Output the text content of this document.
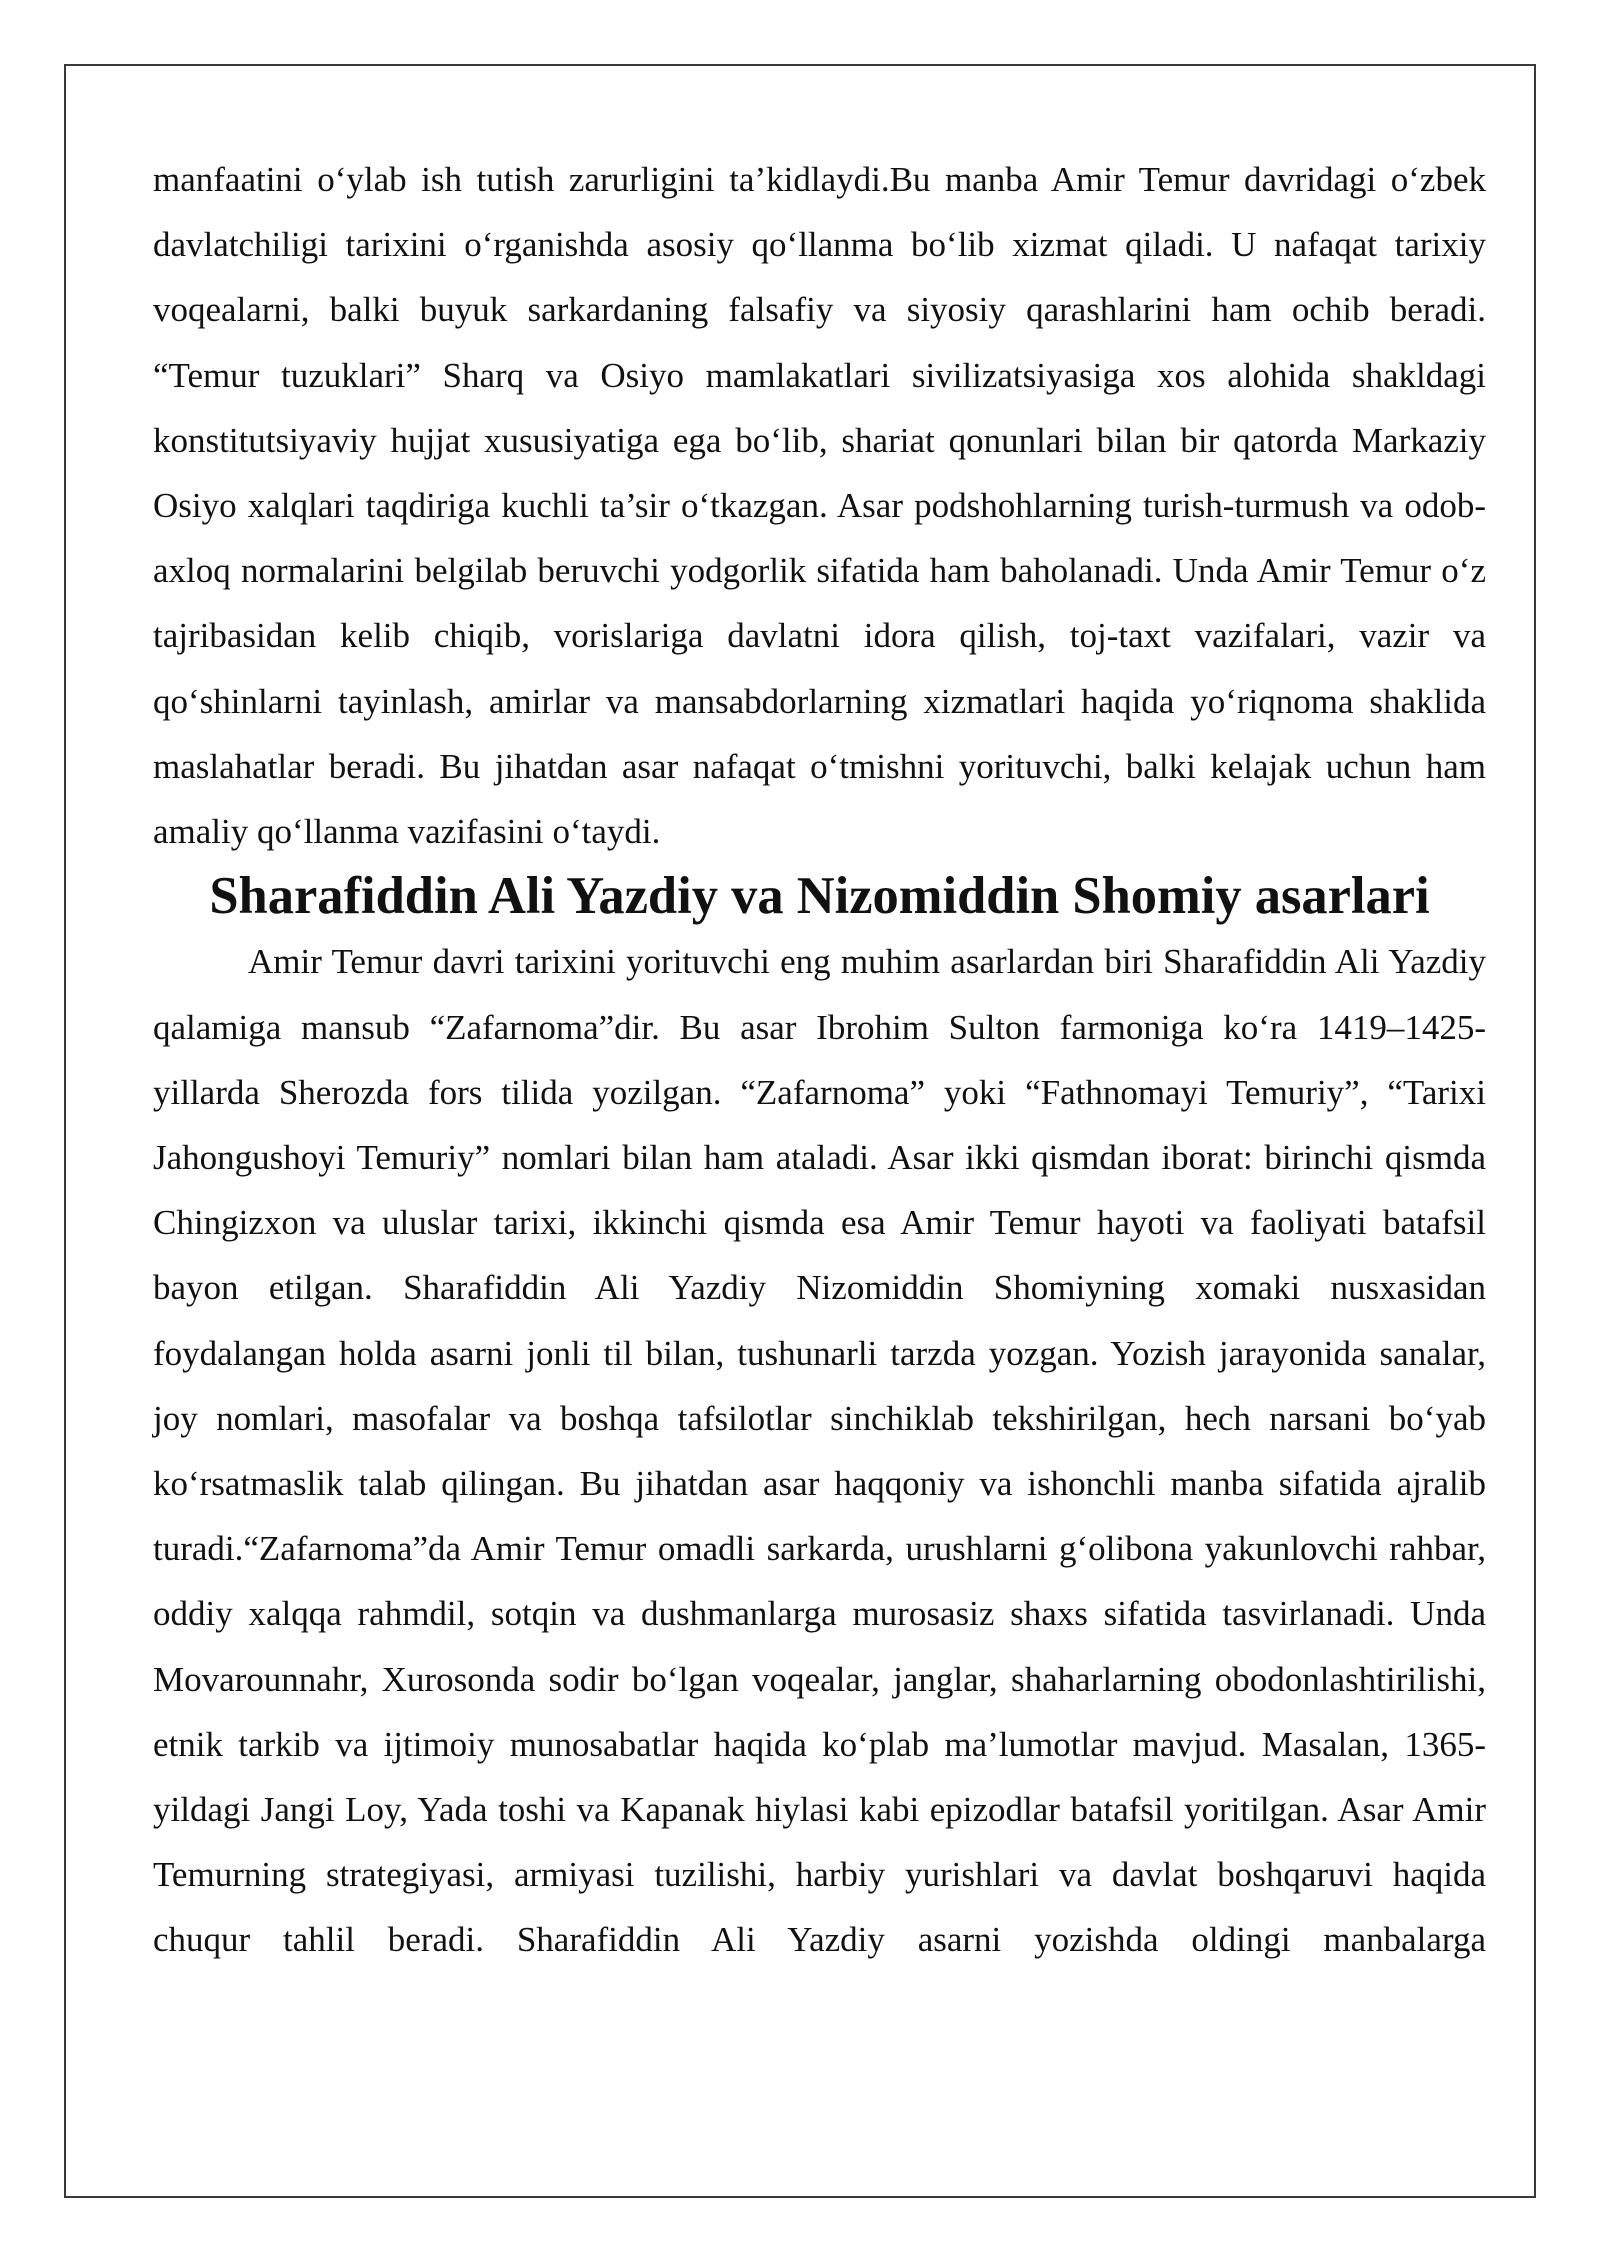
manfaatini o‘ylab ish tutish zarurligini ta’kidlaydi.Bu manba Amir Temur davridagi o‘zbek davlatchiligi tarixini o‘rganishda asosiy qo‘llanma bo‘lib xizmat qiladi. U nafaqat tarixiy voqealarni, balki buyuk sarkardaning falsafiy va siyosiy qarashlarini ham ochib beradi. “Temur tuzuklari” Sharq va Osiyo mamlakatlari sivilizatsiyasiga xos alohida shakldagi konstitutsiyaviy hujjat xususiyatiga ega bo‘lib, shariat qonunlari bilan bir qatorda Markaziy Osiyo xalqlari taqdiriga kuchli ta’sir o‘tkazgan. Asar podshohlarning turish-turmush va odob-axloq normalarini belgilab beruvchi yodgorlik sifatida ham baholanadi. Unda Amir Temur o‘z tajribasidan kelib chiqib, vorislariga davlatni idora qilish, toj-taxt vazifalari, vazir va qo‘shinlarni tayinlash, amirlar va mansabdorlarning xizmatlari haqida yo‘riqnoma shaklida maslahatlar beradi. Bu jihatdan asar nafaqat o‘tmishni yorituvchi, balki kelajak uchun ham amaliy qo‘llanma vazifasini o‘taydi.

Sharafiddin Ali Yazdiy va Nizomiddin Shomiy asarlari

Amir Temur davri tarixini yorituvchi eng muhim asarlardan biri Sharafiddin Ali Yazdiy qalamiga mansub “Zafarnoma”dir. Bu asar Ibrohim Sulton farmoniga ko‘ra 1419–1425-yillarda Sherozda fors tilida yozilgan. “Zafarnoma” yoki “Fathnomayi Temuriy”, “Tarixi Jahongushoyi Temuriy” nomlari bilan ham ataladi. Asar ikki qismdan iborat: birinchi qismda Chingizxon va uluslar tarixi, ikkinchi qismda esa Amir Temur hayoti va faoliyati batafsil bayon etilgan. Sharafiddin Ali Yazdiy Nizomiddin Shomiyning xomaki nusxasidan foydalangan holda asarni jonli til bilan, tushunarli tarzda yozgan. Yozish jarayonida sanalar, joy nomlari, masofalar va boshqa tafsilotlar sinchiklab tekshirilgan, hech narsani bo‘yab ko‘rsatmaslik talab qilingan. Bu jihatdan asar haqqoniy va ishonchli manba sifatida ajralib turadi.“Zafarnoma”da Amir Temur omadli sarkarda, urushlarni g‘olibona yakunlovchi rahbar, oddiy xalqqa rahmdil, sotqin va dushmanlarga murosasiz shaxs sifatida tasvirlanadi. Unda Movarounnahr, Xurosonda sodir bo‘lgan voqealar, janglar, shaharlarning obodonlashtirilishi, etnik tarkib va ijtimoiy munosabatlar haqida ko‘plab ma’lumotlar mavjud. Masalan, 1365-yildagi Jangi Loy, Yada toshi va Kapanak hiylasi kabi epizodlar batafsil yoritilgan. Asar Amir Temurning strategiyasi, armiyasi tuzilishi, harbiy yurishlari va davlat boshqaruvi haqida chuqur tahlil beradi. Sharafiddin Ali Yazdiy asarni yozishda oldingi manbalarga
